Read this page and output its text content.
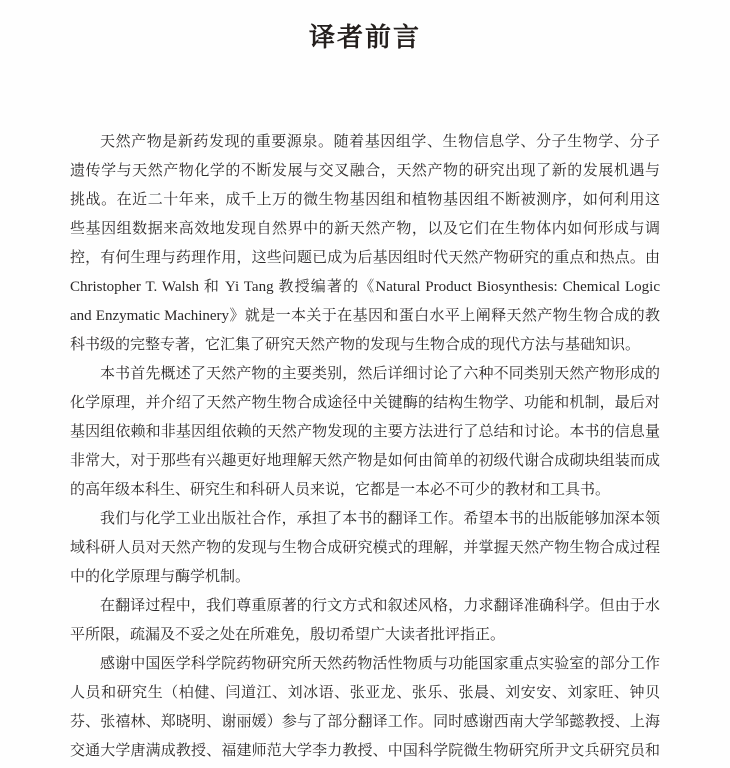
译者前言
天然产物是新药发现的重要源泉。随着基因组学、生物信息学、分子生物学、分子
遗传学与天然产物化学的不断发展与交叉融合，天然产物的研究出现了新的发展机遇与
挑战。在近二十年来，成千上万的微生物基因组和植物基因组不断被测序，如何利用这
些基因组数据来高效地发现自然界中的新天然产物，以及它们在生物体内如何形成与调
控，有何生理与药理作用，这些问题已成为后基因组时代天然产物研究的重点和热点。由
Christopher T. Walsh 和 Yi Tang 教授编著的《Natural Product Biosynthesis: Chemical Logic
and Enzymatic Machinery》就是一本关于在基因和蛋白水平上阐释天然产物生物合成的教
科书级的完整专著，它汇集了研究天然产物的发现与生物合成的现代方法与基础知识。
本书首先概述了天然产物的主要类别，然后详细讨论了六种不同类别天然产物形成的
化学原理，并介绍了天然产物生物合成途径中关键酶的结构生物学、功能和机制，最后对
基因组依赖和非基因组依赖的天然产物发现的主要方法进行了总结和讨论。本书的信息量
非常大，对于那些有兴趣更好地理解天然产物是如何由简单的初级代谢合成砌块组装而成
的高年级本科生、研究生和科研人员来说，它都是一本必不可少的教材和工具书。
我们与化学工业出版社合作，承担了本书的翻译工作。希望本书的出版能够加深本领
域科研人员对天然产物的发现与生物合成研究模式的理解，并掌握天然产物生物合成过程
中的化学原理与酶学机制。
在翻译过程中，我们尊重原著的行文方式和叙述风格，力求翻译准确科学。但由于水
平所限，疏漏及不妥之处在所难免，殷切希望广大读者批评指正。
感谢中国医学科学院药物研究所天然药物活性物质与功能国家重点实验室的部分工作
人员和研究生（柏健、闫道江、刘冰语、张亚龙、张乐、张晨、刘安安、刘家旺、钟贝
芬、张禧林、郑晓明、谢丽媛）参与了部分翻译工作。同时感谢西南大学邹懿教授、上海
交通大学唐满成教授、福建师范大学李力教授、中国科学院微生物研究所尹文兵研究员和
